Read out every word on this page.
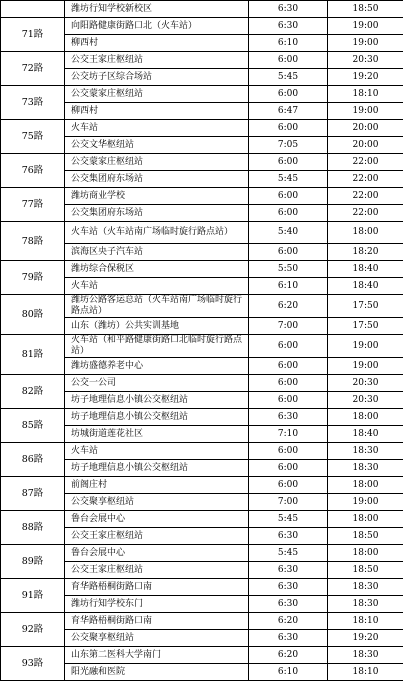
	潍坊行知学校新校区	6:30	18:50
71路	向阳路健康街路口北（火车站）	6:30	19:00
	柳西村	6:10	19:00
72路	公交王家庄枢纽站	6:00	20:30
	公交坊子区综合场站	5:45	19:20
73路	公交蒙家庄枢纽站	6:00	18:10
	柳西村	6:47	19:00
75路	火车站	6:00	20:00
	公交文华枢纽站	7:05	20:00
76路	公交蒙家庄枢纽站	6:00	22:00
	公交集团府东场站	5:45	22:00
77路	潍坊商业学校	6:00	22:00
	公交集团府东场站	6:00	22:00
78路	火车站（火车站南广场临时旋行路点站）	5:40	18:00
	滨海区央子汽车站	6:00	18:20
79路	潍坊综合保税区	5:50	18:40
	火车站	6:10	18:40
80路	潍坊公路客运总站（火车站南广场临时旋行路点站）	6:20	17:50
	山东（潍坊）公共实训基地	7:00	17:50
81路	火车站（和平路健康街路口北临时旋行路点站）	6:00	19:00
	潍坊盛德养老中心	6:00	19:00
82路	公交一公司	6:00	20:30
	坊子地理信息小镇公交枢纽站	6:00	20:30
85路	坊子地理信息小镇公交枢纽站	6:30	18:00
	坊城街道莲花社区	7:10	18:40
86路	火车站	6:00	18:30
	坊子地理信息小镇公交枢纽站	6:00	18:30
87路	前阁庄村	6:00	18:00
	公交聚享枢纽站	7:00	19:00
88路	鲁台会展中心	5:45	18:00
	公交王家庄枢纽站	6:30	18:50
89路	鲁台会展中心	5:45	18:00
	公交王家庄枢纽站	6:30	18:50
91路	育华路梧桐街路口南	6:30	18:30
	潍坊行知学校东门	6:30	18:30
92路	育华路梧桐街路口南	6:20	18:10
	公交聚享枢纽站	6:30	19:20
93路	山东第二医科大学南门	6:20	18:30
	阳光融和医院	6:10	18:10
